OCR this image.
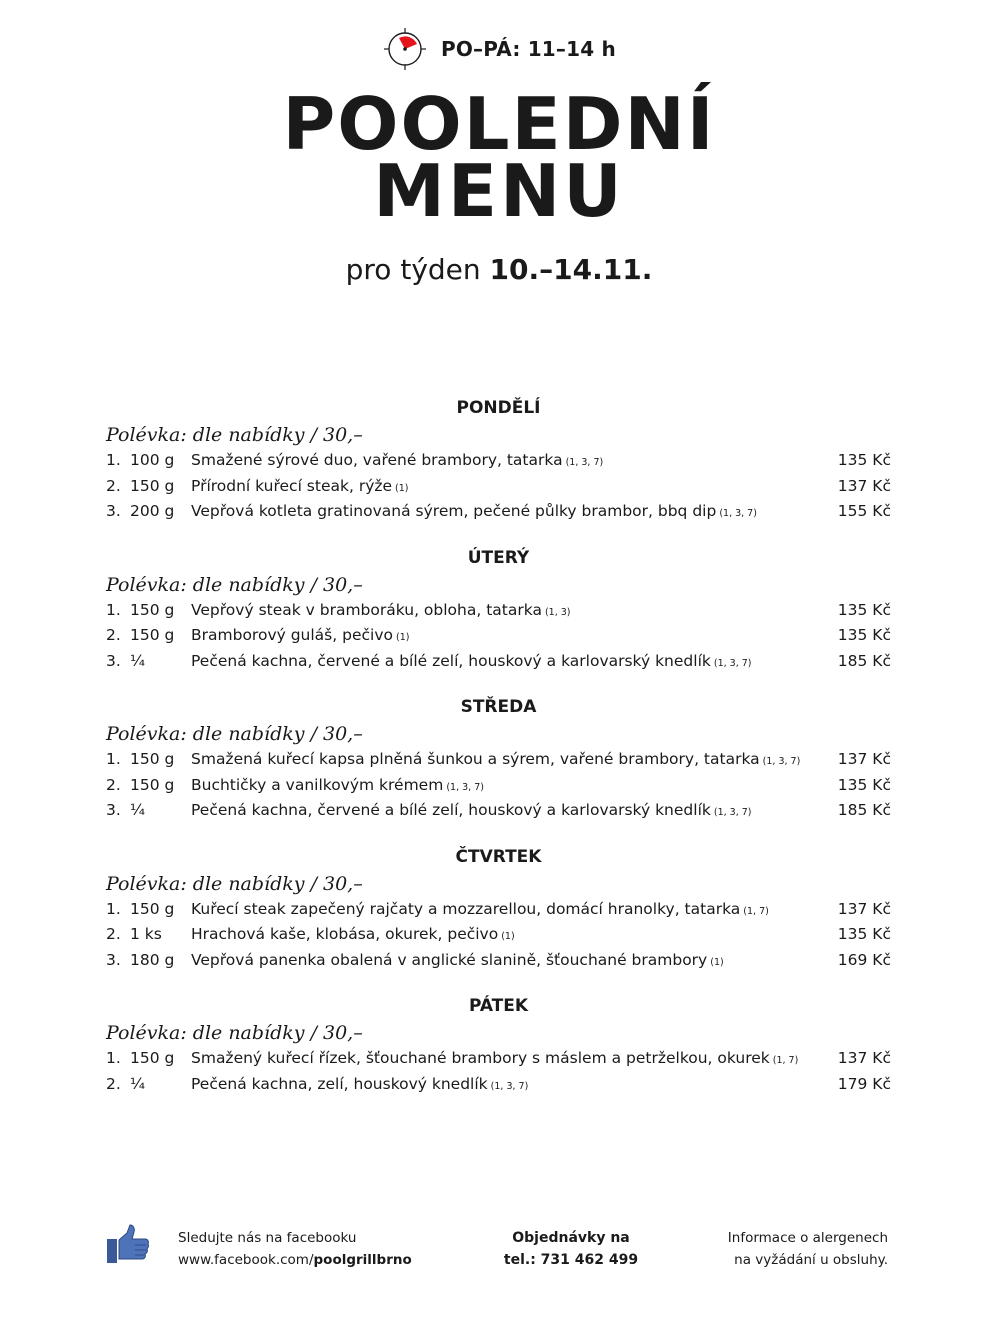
PO–PÁ: 11–14 h
POOLEDNÍ
MENU
pro týden 10.–14.11.
PONDĚLÍ
Polévka: dle nabídky / 30,–
1. 100 g	Smažené sýrové duo, vařené brambory, tatarka (1, 3, 7)	135 Kč
2. 150 g	Přírodní kuřecí steak, rýže (1)	137 Kč
3. 200 g	Vepřová kotleta gratinovaná sýrem, pečené půlky brambor, bbq dip (1, 3, 7)	155 Kč
ÚTERÝ
Polévka: dle nabídky / 30,–
1. 150 g	Vepřový steak v bramboráku, obloha, tatarka (1, 3)	135 Kč
2. 150 g	Bramborový guláš, pečivo (1)	135 Kč
3. ¼	Pečená kachna, červené a bílé zelí, houskový a karlovarský knedlík (1, 3, 7)	185 Kč
STŘEDA
Polévka: dle nabídky / 30,–
1. 150 g	Smažená kuřecí kapsa plněná šunkou a sýrem, vařené brambory, tatarka (1, 3, 7)	137 Kč
2. 150 g	Buchtičky a vanilkovým krémem (1, 3, 7)	135 Kč
3. ¼	Pečená kachna, červené a bílé zelí, houskový a karlovarský knedlík (1, 3, 7)	185 Kč
ČTVRTEK
Polévka: dle nabídky / 30,–
1. 150 g	Kuřecí steak zapečený rajčaty a mozzarellou, domácí hranolky, tatarka (1, 7)	137 Kč
2. 1 ks	Hrachová kaše, klobása, okurek, pečivo (1)	135 Kč
3. 180 g	Vepřová panenka obalená v anglické slanině, šťouchané brambory (1)	169 Kč
PÁTEK
Polévka: dle nabídky / 30,–
1. 150 g	Smažený kuřecí řízek, šťouchané brambory s máslem a petrželkou, okurek (1, 7)	137 Kč
2. ¼	Pečená kachna, zelí, houskový knedlík (1, 3, 7)	179 Kč
Sledujte nás na facebooku
www.facebook.com/poolgrillbrno
Objednávky na
tel.: 731 462 499
Informace o alergenech
na vyžádání u obsluhy.
